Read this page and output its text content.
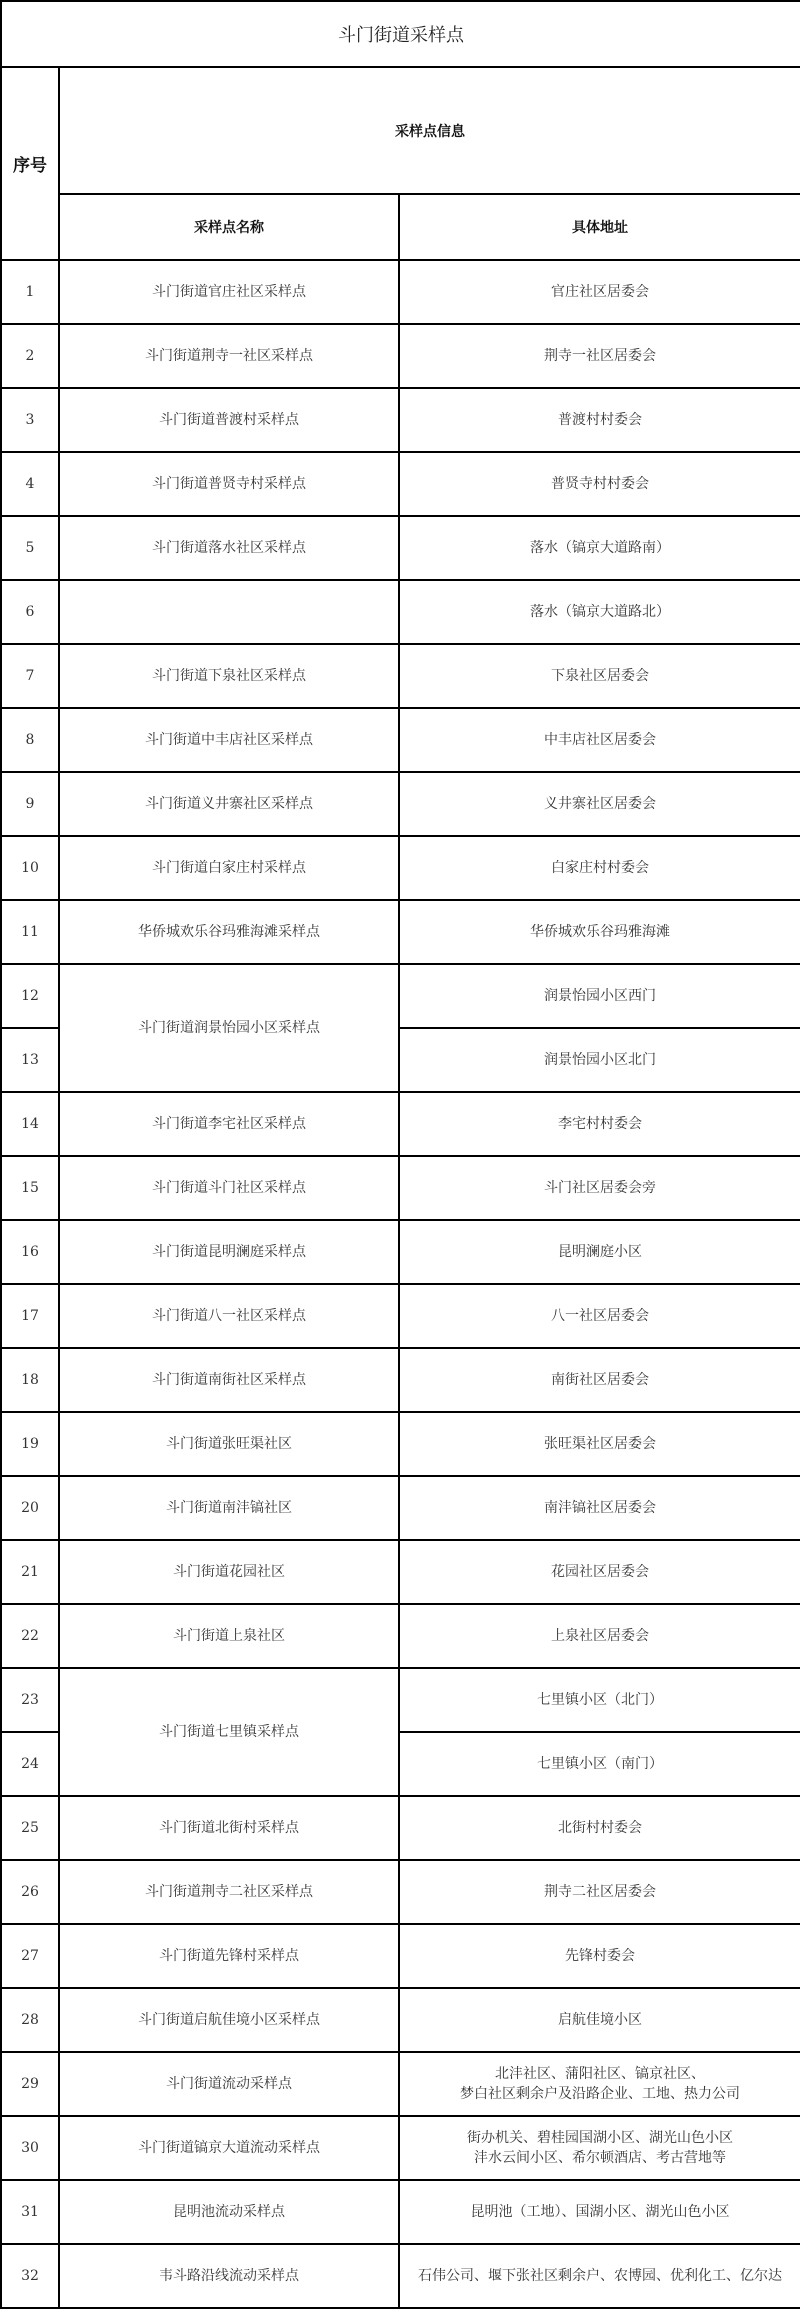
斗门街道采样点		
序号	采样点信息	
	采样点名称	具体地址
1	斗门街道官庄社区采样点	官庄社区居委会
2	斗门街道荆寺一社区采样点	荆寺一社区居委会
3	斗门街道普渡村采样点	普渡村村委会
4	斗门街道普贤寺村采样点	普贤寺村村委会
5	斗门街道落水社区采样点	落水（镐京大道路南）
6		落水（镐京大道路北）
7	斗门街道下泉社区采样点	下泉社区居委会
8	斗门街道中丰店社区采样点	中丰店社区居委会
9	斗门街道义井寨社区采样点	义井寨社区居委会
10	斗门街道白家庄村采样点	白家庄村村委会
11	华侨城欢乐谷玛雅海滩采样点	华侨城欢乐谷玛雅海滩
12	斗门街道润景怡园小区采样点	润景怡园小区西门
13		润景怡园小区北门
14	斗门街道李宅社区采样点	李宅村村委会
15	斗门街道斗门社区采样点	斗门社区居委会旁
16	斗门街道昆明澜庭采样点	昆明澜庭小区
17	斗门街道八一社区采样点	八一社区居委会
18	斗门街道南街社区采样点	南街社区居委会
19	斗门街道张旺渠社区	张旺渠社区居委会
20	斗门街道南沣镐社区	南沣镐社区居委会
21	斗门街道花园社区	花园社区居委会
22	斗门街道上泉社区	上泉社区居委会
23	斗门街道七里镇采样点	七里镇小区（北门）
24		七里镇小区（南门）
25	斗门街道北街村采样点	北街村村委会
26	斗门街道荆寺二社区采样点	荆寺二社区居委会
27	斗门街道先锋村采样点	先锋村委会
28	斗门街道启航佳境小区采样点	启航佳境小区
29	斗门街道流动采样点	北沣社区、蒲阳社区、镐京社区、
梦白社区剩余户及沿路企业、工地、热力公司
30	斗门街道镐京大道流动采样点	街办机关、碧桂园国湖小区、湖光山色小区
沣水云间小区、希尔顿酒店、考古营地等
31	昆明池流动采样点	昆明池（工地）、国湖小区、湖光山色小区
32	韦斗路沿线流动采样点	石伟公司、堰下张社区剩余户、农博园、优利化工、亿尔达
